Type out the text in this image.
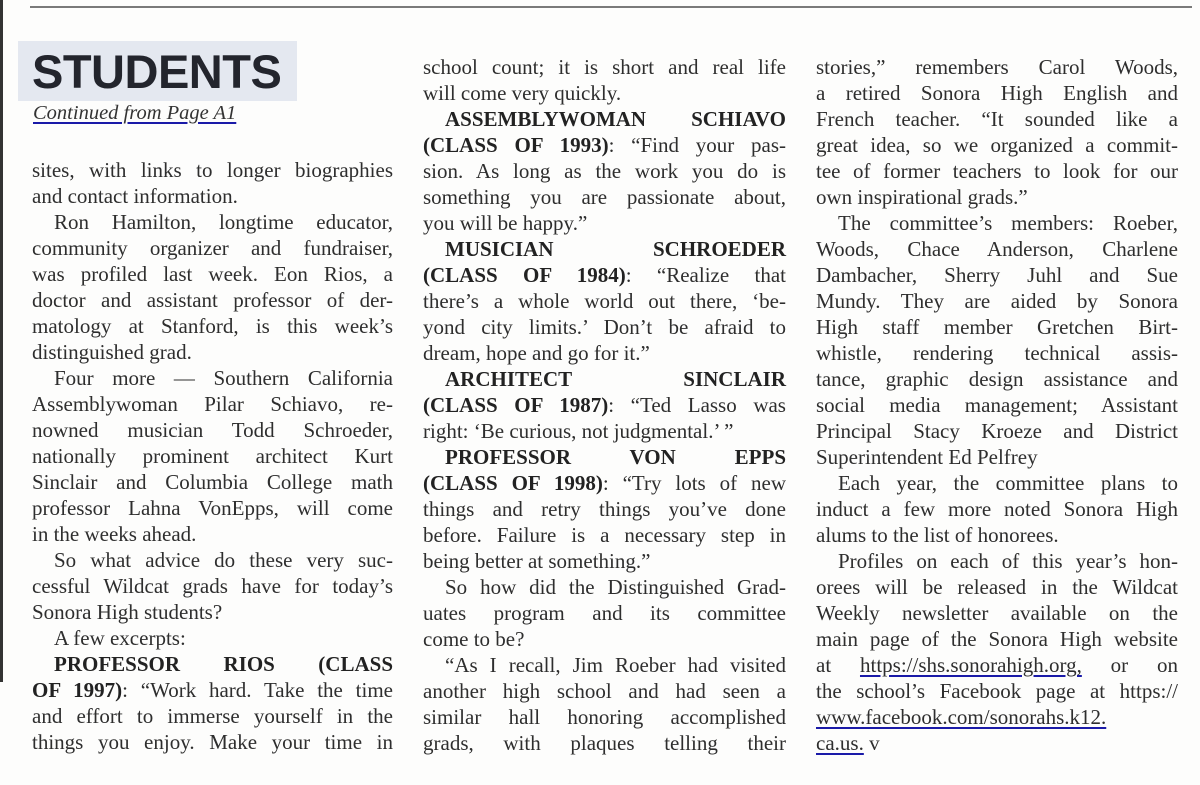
STUDENTS
Continued from Page A1
sites, with links to longer biographies
and contact information.
Ron Hamilton, longtime educator,
community organizer and fundraiser,
was profiled last week. Eon Rios, a
doctor and assistant professor of der-
matology at Stanford, is this week’s
distinguished grad.
Four more — Southern California
Assemblywoman Pilar Schiavo, re-
nowned musician Todd Schroeder,
nationally prominent architect Kurt
Sinclair and Columbia College math
professor Lahna VonEpps, will come
in the weeks ahead.
So what advice do these very suc-
cessful Wildcat grads have for today’s
Sonora High students?
A few excerpts:
PROFESSOR RIOS (CLASS
OF 1997): “Work hard. Take the time
and effort to immerse yourself in the
things you enjoy. Make your time in
school count; it is short and real life
will come very quickly.
ASSEMBLYWOMAN SCHIAVO
(CLASS OF 1993): “Find your pas-
sion. As long as the work you do is
something you are passionate about,
you will be happy.”
MUSICIAN SCHROEDER
(CLASS OF 1984): “Realize that
there’s a whole world out there, ‘be-
yond city limits.’ Don’t be afraid to
dream, hope and go for it.”
ARCHITECT SINCLAIR
(CLASS OF 1987): “Ted Lasso was
right: ‘Be curious, not judgmental.’ ”
PROFESSOR VON EPPS
(CLASS OF 1998): “Try lots of new
things and retry things you’ve done
before. Failure is a necessary step in
being better at something.”
So how did the Distinguished Grad-
uates program and its committee
come to be?
“As I recall, Jim Roeber had visited
another high school and had seen a
similar hall honoring accomplished
grads, with plaques telling their
stories,” remembers Carol Woods,
a retired Sonora High English and
French teacher. “It sounded like a
great idea, so we organized a commit-
tee of former teachers to look for our
own inspirational grads.”
The committee’s members: Roeber,
Woods, Chace Anderson, Charlene
Dambacher, Sherry Juhl and Sue
Mundy. They are aided by Sonora
High staff member Gretchen Birt-
whistle, rendering technical assis-
tance, graphic design assistance and
social media management; Assistant
Principal Stacy Kroeze and District
Superintendent Ed Pelfrey
Each year, the committee plans to
induct a few more noted Sonora High
alums to the list of honorees.
Profiles on each of this year’s hon-
orees will be released in the Wildcat
Weekly newsletter available on the
main page of the Sonora High website
at https://shs.sonorahigh.org, or on
the school’s Facebook page at https://
www.facebook.com/sonorahs.k12.
ca.us. v
